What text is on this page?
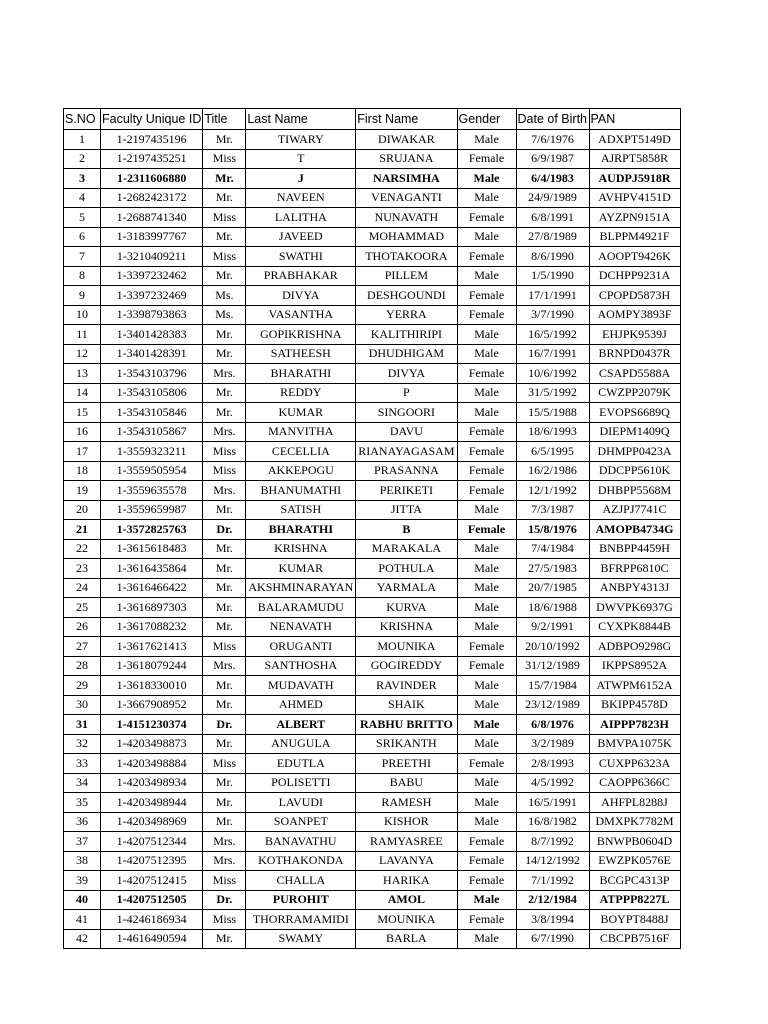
S.NO	Faculty Unique ID	Title	Last Name	First Name	Gender	Date of Birth	PAN
1	1-2197435196	Mr.	TIWARY	DIWAKAR	Male	7/6/1976	ADXPT5149D
2	1-2197435251	Miss	T	SRUJANA	Female	6/9/1987	AJRPT5858R
3	1-2311606880	Mr.	J	NARSIMHA	Male	6/4/1983	AUDPJ5918R
4	1-2682423172	Mr.	NAVEEN	VENAGANTI	Male	24/9/1989	AVHPV4151D
5	1-2688741340	Miss	LALITHA	NUNAVATH	Female	6/8/1991	AYZPN9151A
6	1-3183997767	Mr.	JAVEED	MOHAMMAD	Male	27/8/1989	BLPPM4921F
7	1-3210409211	Miss	SWATHI	THOTAKOORA	Female	8/6/1990	AOOPT9426K
8	1-3397232462	Mr.	PRABHAKAR	PILLEM	Male	1/5/1990	DCHPP9231A
9	1-3397232469	Ms.	DIVYA	DESHGOUNDI	Female	17/1/1991	CPOPD5873H
10	1-3398793863	Ms.	VASANTHA	YERRA	Female	3/7/1990	AOMPY3893F
11	1-3401428383	Mr.	GOPIKRISHNA	KALITHIRIPI	Male	16/5/1992	EHJPK9539J
12	1-3401428391	Mr.	SATHEESH	DHUDHIGAM	Male	16/7/1991	BRNPD0437R
13	1-3543103796	Mrs.	BHARATHI	DIVYA	Female	10/6/1992	CSAPD5588A
14	1-3543105806	Mr.	REDDY	P	Male	31/5/1992	CWZPP2079K
15	1-3543105846	Mr.	KUMAR	SINGOORI	Male	15/5/1988	EVOPS6689Q
16	1-3543105867	Mrs.	MANVITHA	DAVU	Female	18/6/1993	DIEPM1409Q
17	1-3559323211	Miss	CECELLIA	RIANAYAGASAM	Female	6/5/1995	DHMPP0423A
18	1-3559505954	Miss	AKKEPOGU	PRASANNA	Female	16/2/1986	DDCPP5610K
19	1-3559635578	Mrs.	BHANUMATHI	PERIKETI	Female	12/1/1992	DHBPP5568M
20	1-3559659987	Mr.	SATISH	JITTA	Male	7/3/1987	AZJPJ7741C
21	1-3572825763	Dr.	BHARATHI	B	Female	15/8/1976	AMOPB4734G
22	1-3615618483	Mr.	KRISHNA	MARAKALA	Male	7/4/1984	BNBPP4459H
23	1-3616435864	Mr.	KUMAR	POTHULA	Male	27/5/1983	BFRPP6810C
24	1-3616466422	Mr.	AKSHMINARAYAN	YARMALA	Male	20/7/1985	ANBPY4313J
25	1-3616897303	Mr.	BALARAMUDU	KURVA	Male	18/6/1988	DWVPK6937G
26	1-3617088232	Mr.	NENAVATH	KRISHNA	Male	9/2/1991	CYXPK8844B
27	1-3617621413	Miss	ORUGANTI	MOUNIKA	Female	20/10/1992	ADBPO9298G
28	1-3618079244	Mrs.	SANTHOSHA	GOGIREDDY	Female	31/12/1989	IKPPS8952A
29	1-3618330010	Mr.	MUDAVATH	RAVINDER	Male	15/7/1984	ATWPM6152A
30	1-3667908952	Mr.	AHMED	SHAIK	Male	23/12/1989	BKIPP4578D
31	1-4151230374	Dr.	ALBERT	RABHU BRITTO	Male	6/8/1976	AIPPP7823H
32	1-4203498873	Mr.	ANUGULA	SRIKANTH	Male	3/2/1989	BMVPA1075K
33	1-4203498884	Miss	EDUTLA	PREETHI	Female	2/8/1993	CUXPP6323A
34	1-4203498934	Mr.	POLISETTI	BABU	Male	4/5/1992	CAOPP6366C
35	1-4203498944	Mr.	LAVUDI	RAMESH	Male	16/5/1991	AHFPL8288J
36	1-4203498969	Mr.	SOANPET	KISHOR	Male	16/8/1982	DMXPK7782M
37	1-4207512344	Mrs.	BANAVATHU	RAMYASREE	Female	8/7/1992	BNWPB0604D
38	1-4207512395	Mrs.	KOTHAKONDA	LAVANYA	Female	14/12/1992	EWZPK0576E
39	1-4207512415	Miss	CHALLA	HARIKA	Female	7/1/1992	BCGPC4313P
40	1-4207512505	Dr.	PUROHIT	AMOL	Male	2/12/1984	ATPPP8227L
41	1-4246186934	Miss	THORRAMAMIDI	MOUNIKA	Female	3/8/1994	BOYPT8488J
42	1-4616490594	Mr.	SWAMY	BARLA	Male	6/7/1990	CBCPB7516F
